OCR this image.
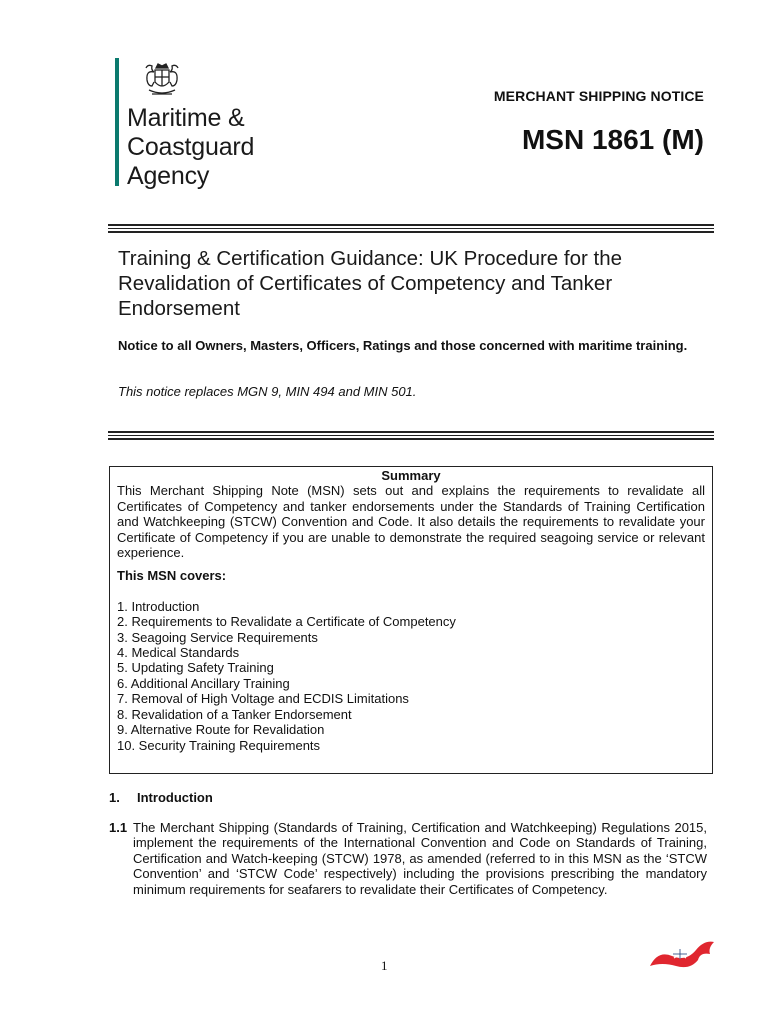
Maritime &
Coastguard
Agency
MERCHANT SHIPPING NOTICE
MSN 1861 (M)
Training & Certification Guidance: UK Procedure for the Revalidation of Certificates of Competency and Tanker Endorsement
Notice to all Owners, Masters, Officers, Ratings and those concerned with maritime training.
This notice replaces MGN 9, MIN 494 and MIN 501.
Summary
This Merchant Shipping Note (MSN) sets out and explains the requirements to revalidate all Certificates of Competency and tanker endorsements under the Standards of Training Certification and Watchkeeping (STCW) Convention and Code. It also details the requirements to revalidate your Certificate of Competency if you are unable to demonstrate the required seagoing service or relevant experience.
This MSN covers:
1. Introduction
2. Requirements to Revalidate a Certificate of Competency
3. Seagoing Service Requirements
4. Medical Standards
5. Updating Safety Training
6. Additional Ancillary Training
7. Removal of High Voltage and ECDIS Limitations
8. Revalidation of a Tanker Endorsement
9. Alternative Route for Revalidation
10. Security Training Requirements
1. Introduction
1.1 The Merchant Shipping (Standards of Training, Certification and Watchkeeping) Regulations 2015, implement the requirements of the International Convention and Code on Standards of Training, Certification and Watch-keeping (STCW) 1978, as amended (referred to in this MSN as the ‘STCW Convention’ and ‘STCW Code’ respectively) including the provisions prescribing the mandatory minimum requirements for seafarers to revalidate their Certificates of Competency.
1
